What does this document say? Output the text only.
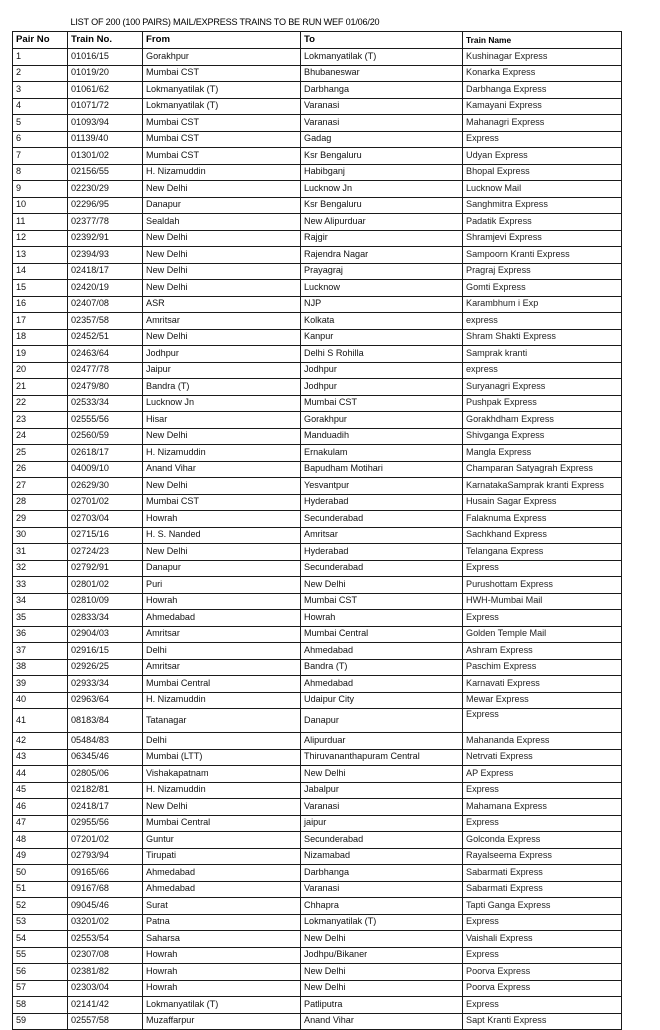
	LIST OF 200 (100 PAIRS) MAIL/EXPRESS TRAINS TO BE RUN WEF 01/06/20			
Pair No	Train No.	From	To	Train Name
1	01016/15	Gorakhpur	Lokmanyatilak (T)	Kushinagar Express
2	01019/20	Mumbai CST	Bhubaneswar	Konarka Express
3	01061/62	Lokmanyatilak (T)	Darbhanga	Darbhanga Express
4	01071/72	Lokmanyatilak (T)	Varanasi	Kamayani Express
5	01093/94	Mumbai CST	Varanasi	Mahanagri Express
6	01139/40	Mumbai CST	Gadag	Express
7	01301/02	Mumbai CST	Ksr Bengaluru	Udyan Express
8	02156/55	H. Nizamuddin	Habibganj	Bhopal Express
9	02230/29	New Delhi	Lucknow Jn	Lucknow Mail
10	02296/95	Danapur	Ksr Bengaluru	Sanghmitra Express
11	02377/78	Sealdah	New Alipurduar	Padatik Express
12	02392/91	New Delhi	Rajgir	Shramjevi Express
13	02394/93	New Delhi	Rajendra Nagar	Sampoorn Kranti Express
14	02418/17	New Delhi	Prayagraj	Pragraj Express
15	02420/19	New Delhi	Lucknow	Gomti Express
16	02407/08	ASR	NJP	Karambhum i Exp
17	02357/58	Amritsar	Kolkata	express
18	02452/51	New Delhi	Kanpur	Shram Shakti Express
19	02463/64	Jodhpur	Delhi S Rohilla	Samprak kranti
20	02477/78	Jaipur	Jodhpur	express
21	02479/80	Bandra (T)	Jodhpur	Suryanagri Express
22	02533/34	Lucknow Jn	Mumbai CST	Pushpak Express
23	02555/56	Hisar	Gorakhpur	Gorakhdham Express
24	02560/59	New Delhi	Manduadih	Shivganga Express
25	02618/17	H. Nizamuddin	Ernakulam	Mangla Express
26	04009/10	Anand Vihar	Bapudham Motihari	Champaran Satyagrah Express
27	02629/30	New Delhi	Yesvantpur	KarnatakaSamprak kranti Express
28	02701/02	Mumbai CST	Hyderabad	Husain Sagar Express
29	02703/04	Howrah	Secunderabad	Falaknuma Express
30	02715/16	H. S. Nanded	Amritsar	Sachkhand Express
31	02724/23	New Delhi	Hyderabad	Telangana Express
32	02792/91	Danapur	Secunderabad	Express
33	02801/02	Puri	New Delhi	Purushottam Express
34	02810/09	Howrah	Mumbai CST	HWH-Mumbai Mail
35	02833/34	Ahmedabad	Howrah	Express
36	02904/03	Amritsar	Mumbai Central	Golden Temple Mail
37	02916/15	Delhi	Ahmedabad	Ashram Express
38	02926/25	Amritsar	Bandra (T)	Paschim Express
39	02933/34	Mumbai Central	Ahmedabad	Karnavati Express
40	02963/64	H. Nizamuddin	Udaipur City	Mewar Express
41	08183/84	Tatanagar	Danapur	Express
42	05484/83	Delhi	Alipurduar	Mahananda Express
43	06345/46	Mumbai (LTT)	Thiruvananthapuram Central	Netrvati Express
44	02805/06	Vishakapatnam	New Delhi	AP Express
45	02182/81	H. Nizamuddin	Jabalpur	Express
46	02418/17	New Delhi	Varanasi	Mahamana Express
47	02955/56	Mumbai Central	jaipur	Express
48	07201/02	Guntur	Secunderabad	Golconda Express
49	02793/94	Tirupati	Nizamabad	Rayalseema Express
50	09165/66	Ahmedabad	Darbhanga	Sabarmati Express
51	09167/68	Ahmedabad	Varanasi	Sabarmati Express
52	09045/46	Surat	Chhapra	Tapti Ganga Express
53	03201/02	Patna	Lokmanyatilak (T)	Express
54	02553/54	Saharsa	New Delhi	Vaishali Express
55	02307/08	Howrah	Jodhpu/Bikaner	Express
56	02381/82	Howrah	New Delhi	Poorva Express
57	02303/04	Howrah	New Delhi	Poorva Express
58	02141/42	Lokmanyatilak (T)	Patliputra	Express
59	02557/58	Muzaffarpur	Anand Vihar	Sapt Kranti Express
